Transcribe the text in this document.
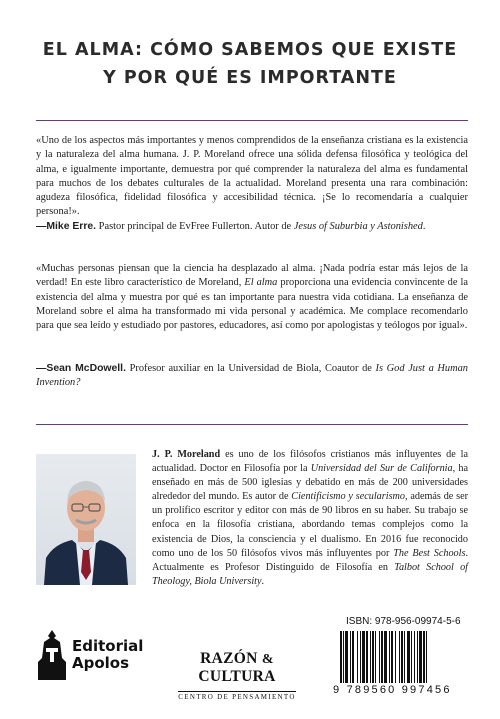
EL ALMA: CÓMO SABEMOS QUE EXISTE
Y POR QUÉ ES IMPORTANTE

«Uno de los aspectos más importantes y menos comprendidos de la enseñanza cristiana es la existencia y la naturaleza del alma humana. J. P. Moreland ofrece una sólida defensa filosófica y teológica del alma, e igualmente importante, demuestra por qué comprender la naturaleza del alma es fundamental para muchos de los debates culturales de la actualidad. Moreland presenta una rara combinación: agudeza filosófica, fidelidad filosófica y accesibilidad técnica. ¡Se lo recomendaría a cualquier persona!».

—Mike Erre. Pastor principal de EvFree Fullerton. Autor de Jesus of Suburbia y Astonished.

«Muchas personas piensan que la ciencia ha desplazado al alma. ¡Nada podría estar más lejos de la verdad! En este libro característico de Moreland, El alma proporciona una evidencia convincente de la existencia del alma y muestra por qué es tan importante para nuestra vida cotidiana. La enseñanza de Moreland sobre el alma ha transformado mi vida personal y académica. Me complace recomendarlo para que sea leído y estudiado por pastores, educadores, así como por apologistas y teólogos por igual».

—Sean McDowell. Profesor auxiliar en la Universidad de Biola, Coautor de Is God Just a Human Invention?

J. P. Moreland es uno de los filósofos cristianos más influyentes de la actualidad. Doctor en Filosofía por la Universidad del Sur de California, ha enseñado en más de 500 iglesias y debatido en más de 200 universidades alrededor del mundo. Es autor de Cientificismo y secularismo, además de ser un prolífico escritor y editor con más de 90 libros en su haber. Su trabajo se enfoca en la filosofía cristiana, abordando temas complejos como la existencia de Dios, la consciencia y el dualismo. En 2016 fue reconocido como uno de los 50 filósofos vivos más influyentes por The Best Schools. Actualmente es Profesor Distinguido de Filosofía en Talbot School of Theology, Biola University.

Editorial
Apolos	RAZÓN & CULTURA
CENTRO DE PENSAMIENTO
ISBN: 978-956-09974-5-6
9 789560 997456
